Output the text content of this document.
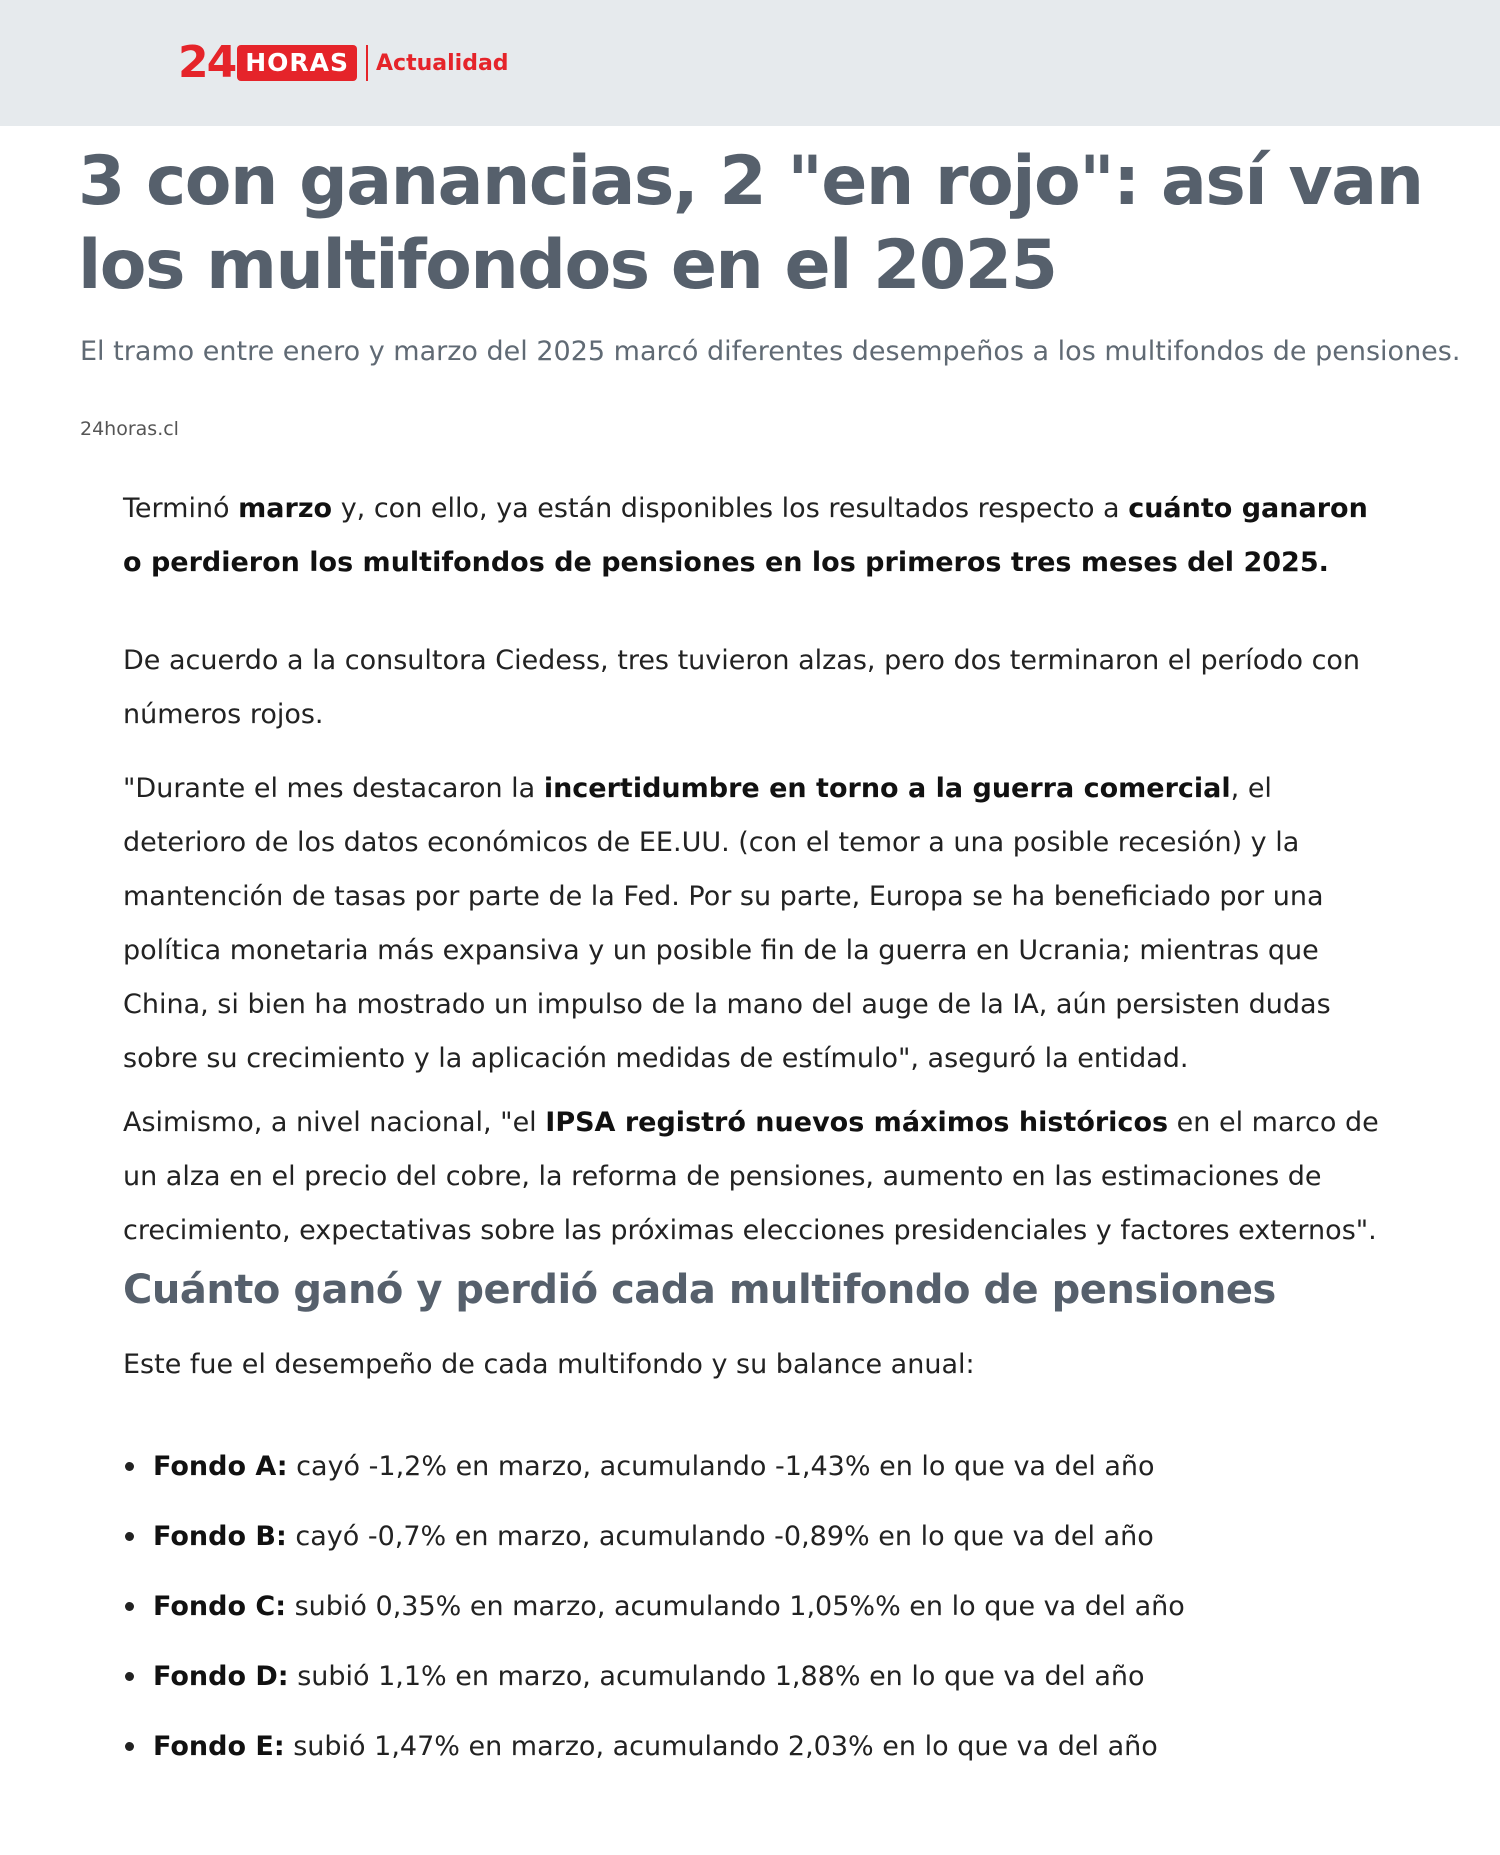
24 HORAS	Actualidad
3 con ganancias, 2 "en rojo": así van los multifondos en el 2025

El tramo entre enero y marzo del 2025 marcó diferentes desempeños a los multifondos de pensiones.

24horas.cl

Terminó marzo y, con ello, ya están disponibles los resultados respecto a cuánto ganaron o perdieron los multifondos de pensiones en los primeros tres meses del 2025.

De acuerdo a la consultora Ciedess, tres tuvieron alzas, pero dos terminaron el período con números rojos.

"Durante el mes destacaron la incertidumbre en torno a la guerra comercial, el deterioro de los datos económicos de EE.UU. (con el temor a una posible recesión) y la mantención de tasas por parte de la Fed. Por su parte, Europa se ha beneficiado por una política monetaria más expansiva y un posible fin de la guerra en Ucrania; mientras que China, si bien ha mostrado un impulso de la mano del auge de la IA, aún persisten dudas sobre su crecimiento y la aplicación medidas de estímulo", aseguró la entidad.

Asimismo, a nivel nacional, "el IPSA registró nuevos máximos históricos en el marco de un alza en el precio del cobre, la reforma de pensiones, aumento en las estimaciones de crecimiento, expectativas sobre las próximas elecciones presidenciales y factores externos".

Cuánto ganó y perdió cada multifondo de pensiones

Este fue el desempeño de cada multifondo y su balance anual:

Fondo A: cayó -1,2% en marzo, acumulando -1,43% en lo que va del año
Fondo B: cayó -0,7% en marzo, acumulando -0,89% en lo que va del año
Fondo C: subió 0,35% en marzo, acumulando 1,05%% en lo que va del año
Fondo D: subió 1,1% en marzo, acumulando 1,88% en lo que va del año
Fondo E: subió 1,47% en marzo, acumulando 2,03% en lo que va del año
